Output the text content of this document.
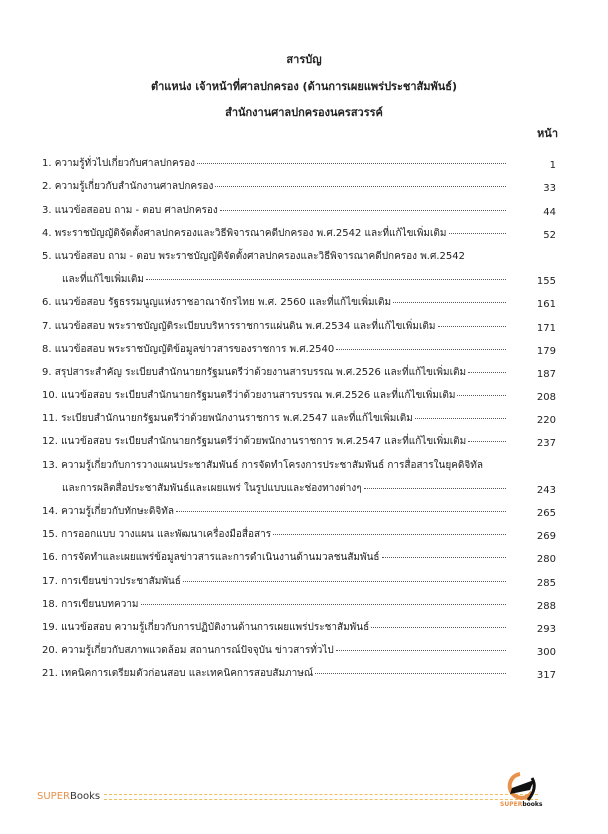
สารบัญ
ตำแหน่ง เจ้าหน้าที่ศาลปกครอง (ด้านการเผยแพร่ประชาสัมพันธ์)
สำนักงานศาลปกครองนครสวรรค์
หน้า
1. ความรู้ทั่วไปเกี่ยวกับศาลปกครอง	1
2. ความรู้เกี่ยวกับสำนักงานศาลปกครอง	33
3. แนวข้อสออบ ถาม - ตอบ ศาลปกครอง	44
4. พระราชบัญญัติจัดตั้งศาลปกครองและวิธีพิจารณาคดีปกครอง พ.ศ.2542 และที่แก้ไขเพิ่มเติม	52
5. แนวข้อสอบ ถาม - ตอบ พระราชบัญญัติจัดตั้งศาลปกครองและวิธีพิจารณาคดีปกครอง พ.ศ.2542
และที่แก้ไขเพิ่มเติม	155
6. แนวข้อสอบ รัฐธรรมนูญแห่งราชอาณาจักรไทย พ.ศ. 2560 และที่แก้ไขเพิ่มเติม	161
7. แนวข้อสอบ พระราชบัญญัติระเบียบบริหารราชการแผ่นดิน พ.ศ.2534 และที่แก้ไขเพิ่มเติม	171
8. แนวข้อสอบ พระราชบัญญัติข้อมูลข่าวสารของราชการ พ.ศ.2540	179
9. สรุปสาระสำคัญ ระเบียบสำนักนายกรัฐมนตรีว่าด้วยงานสารบรรณ พ.ศ.2526 และที่แก้ไขเพิ่มเติม	187
10. แนวข้อสอบ ระเบียบสำนักนายกรัฐมนตรีว่าด้วยงานสารบรรณ พ.ศ.2526 และที่แก้ไขเพิ่มเติม	208
11. ระเบียบสำนักนายกรัฐมนตรีว่าด้วยพนักงานราชการ พ.ศ.2547 และที่แก้ไขเพิ่มเติม	220
12. แนวข้อสอบ ระเบียบสำนักนายกรัฐมนตรีว่าด้วยพนักงานราชการ พ.ศ.2547 และที่แก้ไขเพิ่มเติม	237
13. ความรู้เกี่ยวกับการวางแผนประชาสัมพันธ์ การจัดทำโครงการประชาสัมพันธ์ การสื่อสารในยุคดิจิทัล
และการผลิตสื่อประชาสัมพันธ์และเผยแพร่ ในรูปแบบและช่องทางต่างๆ	243
14. ความรู้เกี่ยวกับทักษะดิจิทัล	265
15. การออกแบบ วางแผน และพัฒนาเครื่องมือสื่อสาร	269
16. การจัดทำและเผยแพร่ข้อมูลข่าวสารและการดำเนินงานด้านมวลชนสัมพันธ์	280
17. การเขียนข่าวประชาสัมพันธ์	285
18. การเขียนบทความ	288
19. แนวข้อสอบ ความรู้เกี่ยวกับการปฏิบัติงานด้านการเผยแพร่ประชาสัมพันธ์	293
20. ความรู้เกี่ยวกับสภาพแวดล้อม สถานการณ์ปัจจุบัน ข่าวสารทั่วไป	300
21. เทคนิคการเตรียมตัวก่อนสอบ และเทคนิคการสอบสัมภาษณ์	317
SUPERBooks
SUPERbooks
